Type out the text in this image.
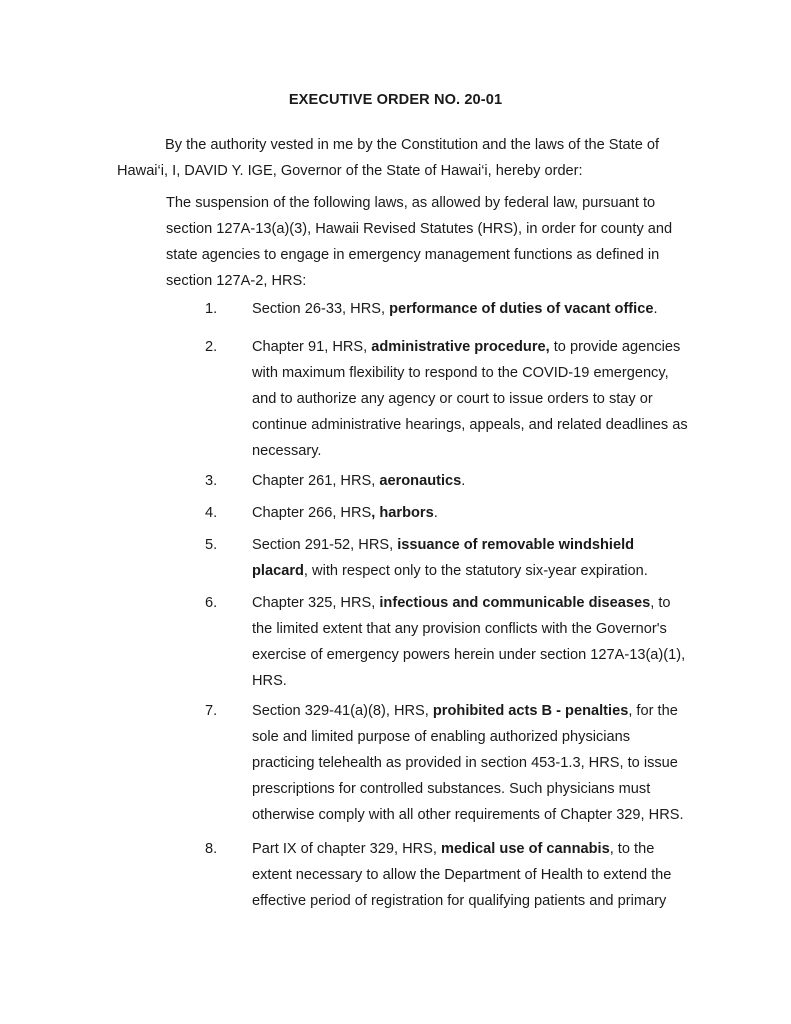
EXECUTIVE ORDER NO. 20-01
By the authority vested in me by the Constitution and the laws of the State of Hawai‘i, I, DAVID Y. IGE, Governor of the State of Hawai‘i, hereby order:
The suspension of the following laws, as allowed by federal law, pursuant to section 127A-13(a)(3), Hawaii Revised Statutes (HRS), in order for county and state agencies to engage in emergency management functions as defined in section 127A-2, HRS:
1.	Section 26-33, HRS, performance of duties of vacant office.
2.	Chapter 91, HRS, administrative procedure, to provide agencies with maximum flexibility to respond to the COVID-19 emergency, and to authorize any agency or court to issue orders to stay or continue administrative hearings, appeals, and related deadlines as necessary.
3.	Chapter 261, HRS, aeronautics.
4.	Chapter 266, HRS, harbors.
5.	Section 291-52, HRS, issuance of removable windshield placard, with respect only to the statutory six-year expiration.
6.	Chapter 325, HRS, infectious and communicable diseases, to the limited extent that any provision conflicts with the Governor's exercise of emergency powers herein under section 127A-13(a)(1), HRS.
7.	Section 329-41(a)(8), HRS, prohibited acts B - penalties, for the sole and limited purpose of enabling authorized physicians practicing telehealth as provided in section 453-1.3, HRS, to issue prescriptions for controlled substances. Such physicians must otherwise comply with all other requirements of Chapter 329, HRS.
8.	Part IX of chapter 329, HRS, medical use of cannabis, to the extent necessary to allow the Department of Health to extend the effective period of registration for qualifying patients and primary
